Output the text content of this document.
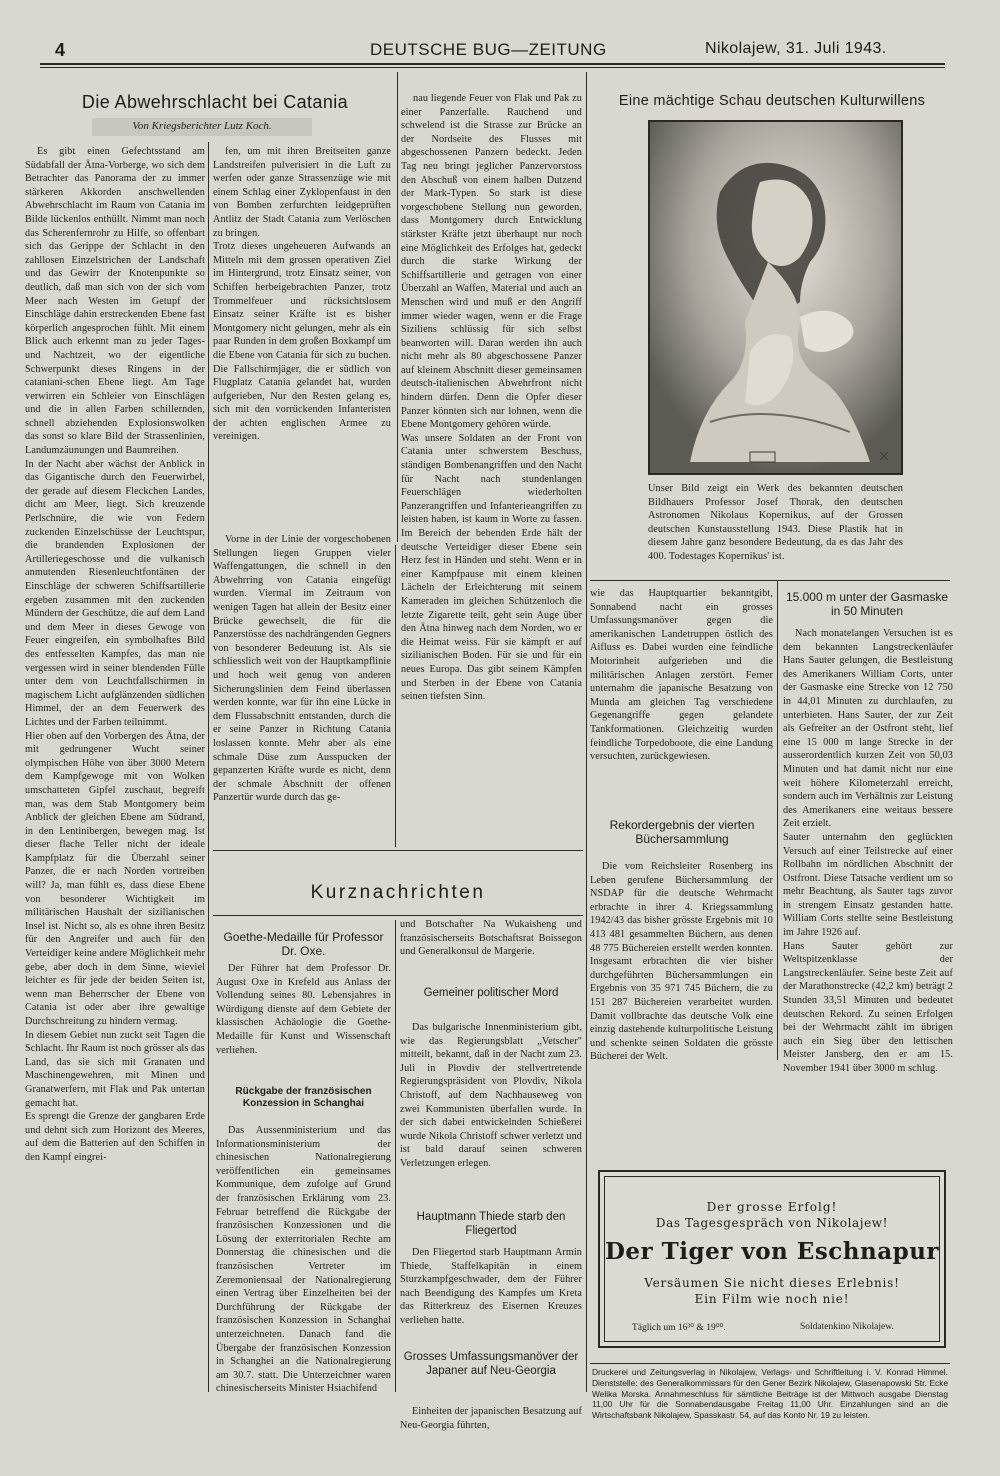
4	DEUTSCHE BUG—ZEITUNG	Nikolajew, 31. Juli 1943.
Die Abwehrschlacht bei Catania
Von Kriegsberichter Lutz Koch.
Es gibt einen Gefechtsstand am Südabfall der Ätna-Vorberge, wo sich dem Betrachter das Panorama der zu immer stärkeren Akkorden anschwellenden Abwehrschlacht im Raum von Catania im Bilde lückenlos enthüllt. Nimmt man noch das Scherenfernrohr zu Hilfe, so offenbart sich das Gerippe der Schlacht in den zahllosen Einzelstrichen der Landschaft und das Gewirr der Knotenpunkte so deutlich, daß man sich von der sich vom Meer nach Westen im Getupf der Einschläge dahin erstreckenden Ebene fast körperlich angesprochen fühlt. Mit einem Blick auch erkennt man zu jeder Tages- und Nachtzeit, wo der eigentliche Schwerpunkt dieses Ringens in der cataniani-schen Ebene liegt. Am Tage verwirren ein Schleier von Einschlägen und die in allen Farben schillernden, schnell abziehenden Explosionswolken das sonst so klare Bild der Strassenlinien, Landumzäunungen und Baumreihen.
In der Nacht aber wächst der Anblick in das Gigantische durch den Feuerwirbel, der gerade auf diesem Fleckchen Landes, dicht am Meer, liegt. Sich kreuzende Perlschnüre, die wie von Federn zuckenden Einzelschüsse der Leuchtspur, die brandenden Explosionen der Artilleriegeschosse und die vulkanisch anmutenden Riesenleuchtfontänen der Einschläge der schweren Schiffsartillerie ergeben zusammen mit den zuckenden Mündern der Geschütze, die auf dem Land und dem Meer in dieses Gewoge von Feuer eingreifen, ein symbolhaftes Bild des entfesselten Kampfes, das man nie vergessen wird in seiner blendenden Fülle unter dem von Leuchtfallschirmen in magischem Licht aufglänzenden südlichen Himmel, der an dem Feuerwerk des Lichtes und der Farben teilnimmt.
Hier oben auf den Vorbergen des Ätna, der mit gedrungener Wucht seiner olympischen Höhe von über 3000 Metern dem Kampfgewoge mit von Wolken umschatteten Gipfel zuschaut, begreift man, was dem Stab Montgomery beim Anblick der gleichen Ebene am Südrand, in den Lentinibergen, bewegen mag. Ist dieser flache Teller nicht der ideale Kampfplatz für die Überzahl seiner Panzer, die er nach Norden vortreiben will? Ja, man fühlt es, dass diese Ebene von besonderer Wichtigkeit im militärischen Haushalt der sizilianischen Insel ist. Nicht so, als es ohne ihren Besitz für den Angreifer und auch für den Verteidiger keine andere Möglichkeit mehr gebe, aber doch in dem Sinne, wieviel leichter es für jede der beiden Seiten ist, wenn man Beherrscher der Ebene von Catania ist oder aber ihre gewaltige Durchschreitung zu hindern vermag.
In diesem Gebiet nun zuckt seit Tagen die Schlacht. Ihr Raum ist noch grösser als das Land, das sie sich mit Granaten und Maschinengewehren, mit Minen und Granatwerfern, mit Flak und Pak untertan gemacht hat.
Es sprengt die Grenze der gangbaren Erde und dehnt sich zum Horizont des Meeres, auf dem die Batterien auf den Schiffen in den Kampf eingrei-
fen, um mit ihren Breitseiten ganze Landstreifen pulverisiert in die Luft zu werfen oder ganze Strassenzüge wie mit einem Schlag einer Zyklopenfaust in den von Bomben zerfurchten leidgeprüften Antlitz der Stadt Catania zum Verlöschen zu bringen.
Trotz dieses ungeheueren Aufwands an Mitteln mit dem grossen operativen Ziel im Hintergrund, trotz Einsatz seiner, von Schiffen herbeigebrachten Panzer, trotz Trommelfeuer und rücksichtslosem Einsatz seiner Kräfte ist es bisher Montgomery nicht gelungen, mehr als ein paar Runden in dem großen Boxkampf um die Ebene von Catania für sich zu buchen. Die Fallschirmjäger, die er südlich von Flugplatz Catania gelandet hat, wurden aufgerieben, Nur den Resten gelang es, sich mit den vorrückenden Infanteristen der achten englischen Armee zu vereinigen.
Vorne in der Linie der vorgeschobenen Stellungen liegen Gruppen vieler Waffengattungen, die schnell in den Abwehrring von Catania eingefügt wurden. Viermal im Zeitraum von wenigen Tagen hat allein der Besitz einer Brücke gewechselt, die für die Panzerstösse des nachdrängenden Gegners von besonderer Bedeutung ist. Als sie schliesslich weit von der Hauptkampflinie und hoch weit genug von anderen Sicherungslinien dem Feind überlassen werden konnte, war für ihn eine Lücke in dem Flussabschnitt entstanden, durch die er seine Panzer in Richtung Catania loslassen konnte. Mehr aber als eine schmale Düse zum Ausspucken der gepanzerten Kräfte wurde es nicht, denn der schmale Abschnitt der offenen Panzertür wurde durch das ge-
nau liegende Feuer von Flak und Pak zu einer Panzerfalle. Rauchend und schwelend ist die Strasse zur Brücke an der Nordseite des Flusses mit abgeschossenen Panzern bedeckt. Jeden Tag neu bringt jeglicher Panzervorstoss den Abschuß von einem halben Dutzend der Mark-Typen. So stark ist diese vorgeschobene Stellung nun geworden, dass Montgomery durch Entwicklung stärkster Kräfte jetzt überhaupt nur noch eine Möglichkeit des Erfolges hat, gedeckt durch die starke Wirkung der Schiffsartillerie und getragen von einer Überzahl an Waffen, Material und auch an Menschen wird und muß er den Angriff immer wieder wagen, wenn er die Frage Siziliens schlüssig für sich selbst beanworten will. Daran werden ihn auch nicht mehr als 80 abgeschossene Panzer auf kleinem Abschnitt dieser gemeinsamen deutsch-italienischen Abwehrfront nicht hindern dürfen. Denn die Opfer dieser Panzer könnten sich nur lohnen, wenn die Ebene Montgomery gehören würde.
Was unsere Soldaten an der Front von Catania unter schwerstem Beschuss, ständigen Bombenangriffen und den Nacht für Nacht nach stundenlangen Feuerschlägen wiederholten Panzerangriffen und Infanterieangriffen zu leisten haben, ist kaum in Worte zu fassen. Im Bereich der bebenden Erde hält der deutsche Verteidiger dieser Ebene sein Herz fest in Händen und steht. Wenn er in einer Kampfpause mit einem kleinen Lächeln der Erleichterung mit seinem Kameraden im gleichen Schützenloch die letzte Zigarette teilt, geht sein Auge über den Ätna hinweg nach dem Norden, wo er die Heimat weiss. Für sie kämpft er auf sizilianischen Boden. Für sie und für ein neues Europa. Das gibt seinem Kämpfen und Sterben in der Ebene von Catania seinen tiefsten Sinn.
Eine mächtige Schau deutschen Kulturwillens
Unser Bild zeigt ein Werk des bekannten deutschen Bildhauers Professor Josef Thorak, den deutschen Astronomen Nikolaus Kopernikus, auf der Grossen deutschen Kunstausstellung 1943. Diese Plastik hat in diesem Jahre ganz besondere Bedeutung, da es das Jahr des 400. Todestages Kopernikus' ist.
wie das Hauptquartier bekanntgibt, Sonnabend nacht ein grosses Umfassungsmanöver gegen die amerikanischen Landetruppen östlich des Aifluss es. Dabei wurden eine feindliche Motorinheit aufgerieben und die militärischen Anlagen zerstört. Ferner unternahm die japanische Besatzung von Munda am gleichen Tag verschiedene Gegenangriffe gegen gelandete Tankformationen. Gleichzeitig wurden feindliche Torpedoboote, die eine Landung versuchten, zurückgewiesen.
Rekordergebnis der vierten Büchersammlung
Die vom Reichsleiter Rosenberg ins Leben gerufene Büchersammlung der NSDAP für die deutsche Wehrmacht erbrachte in ihrer 4. Kriegssammlung 1942/43 das bisher grösste Ergebnis mit 10 413 481 gesammelten Büchern, aus denen 48 775 Büchereien erstellt werden konnten. Insgesamt erbrachten die vier bisher durchgeführten Büchersammlungen ein Ergebnis von 35 971 745 Büchern, die zu 151 287 Büchereien verarbeitet wurden. Damit vollbrachte das deutsche Volk eine einzig dastehende kulturpolitische Leistung und schenkte seinen Soldaten die grösste Bücherei der Welt.
15.000 m unter der Gasmaske in 50 Minuten
Nach monatelangen Versuchen ist es dem bekannten Langstreckenläufer Hans Sauter gelungen, die Bestleistung des Amerikaners William Corts, unter der Gasmaske eine Strecke von 12 750 in 44,01 Minuten zu durchlaufen, zu unterbieten. Hans Sauter, der zur Zeit als Gefreiter an der Ostfront steht, lief eine 15 000 m lange Strecke in der ausserordentlich kurzen Zeit von 50,03 Minuten und hat damit nicht nur eine weit höhere Kilometerzahl erreicht, sondern auch im Verhältnis zur Leistung des Amerikaners eine weitaus bessere Zeit erzielt.
Sauter unternahm den geglückten Versuch auf einer Teilstrecke auf einer Rollbahn im nördlichen Abschnitt der Ostfront. Diese Tatsache verdient um so mehr Beachtung, als Sauter tags zuvor in strengem Einsatz gestanden hatte. William Corts stellte seine Bestleistung im Jahre 1926 auf.
Hans Sauter gehört zur Weltspitzenklasse der Langstreckenläufer. Seine beste Zeit auf der Marathonstrecke (42,2 km) beträgt 2 Stunden 33,51 Minuten und bedeutet deutschen Rekord. Zu seinen Erfolgen bei der Wehrmacht zählt im übrigen auch ein Sieg über den lettischen Meister Jansberg, den er am 15. November 1941 über 3000 m schlug.
Kurznachrichten
Goethe-Medaille für Professor Dr. Oxe.
Der Führer hat dem Professor Dr. August Oxe in Krefeld aus Anlass der Vollendung seines 80. Lebensjahres in Würdigung dienste auf dem Gebiete der klassischen Achäologie die Goethe-Medaille für Kunst und Wissenschaft verliehen.
Rückgabe der französischen Konzession in Schanghai
Das Aussenministerium und das Informationsministerium der chinesischen Nationalregierung veröffentlichen ein gemeinsames Kommunique, dem zufolge auf Grund der französischen Erklärung vom 23. Februar betreffend die Rückgabe der französischen Konzessionen und die Lösung der exterritorialen Rechte am Donnerstag die chinesischen und die französischen Vertreter im Zeremoniensaal der Nationalregierung einen Vertrag über Einzelheiten bei der Durchführung der Rückgabe der französischen Konzession in Schanghai unterzeichneten. Danach fand die Übergabe der französischen Konzession in Schanghei an die Nationalregierung am 30.7. statt. Die Unterzeichner waren chinesischerseits Minister Hsiachifend
und Botschafter Na Wukaisheng und französischerseits Botschaftsrat Boissegon und Generalkonsul de Margerie.
Gemeiner politischer Mord
Das bulgarische Innenministerium gibt, wie das Regierungsblatt „Vetscher" mitteilt, bekannt, daß in der Nacht zum 23. Juli in Plovdiv der stellvertretende Regierungspräsident von Plovdiv, Nikola Christoff, auf dem Nachhauseweg von zwei Kommunisten überfallen wurde. In der sich dabei entwickelnden Schießerei wurde Nikola Christoff schwer verletzt und ist bald darauf seinen schweren Verletzungen erlegen.
Hauptmann Thiede starb den Fliegertod
Den Fliegertod starb Hauptmann Armin Thiede, Staffelkapitän in einem Sturzkampfgeschwader, dem der Führer nach Beendigung des Kampfes um Kreta das Ritterkreuz des Eisernen Kreuzes verliehen hatte.
Grosses Umfassungsmanöver der Japaner auf Neu-Georgia
Einheiten der japanischen Besatzung auf Neu-Georgia führten,
Der grosse Erfolg!
Das Tagesgespräch von Nikolajew!
Der Tiger von Eschnapur
Versäumen Sie nicht dieses Erlebnis!
Ein Film wie noch nie!
Täglich um 16³⁰ & 19⁰⁰.	Soldatenkino Nikolajew.
Druckerei und Zeitungsverlag in Nikolajew, Verlags- und Schriftleitung i. V. Konrad Himmel. Dienststelle: des Generalkommissars für den Gener Bezirk Nikolajew, Glasenapowski Str. Ecke Welika Morska. Annahmeschluss für sämtliche Beiträge ist der Mittwoch ausgabe Dienstag 11,00 Uhr für die Sonnabendausgabe Freitag 11,00 Uhr. Einzahlungen sind an die Wirtschaftsbank Nikolajew, Spasskastr. 54, auf das Konto Nr. 19 zu leisten.
